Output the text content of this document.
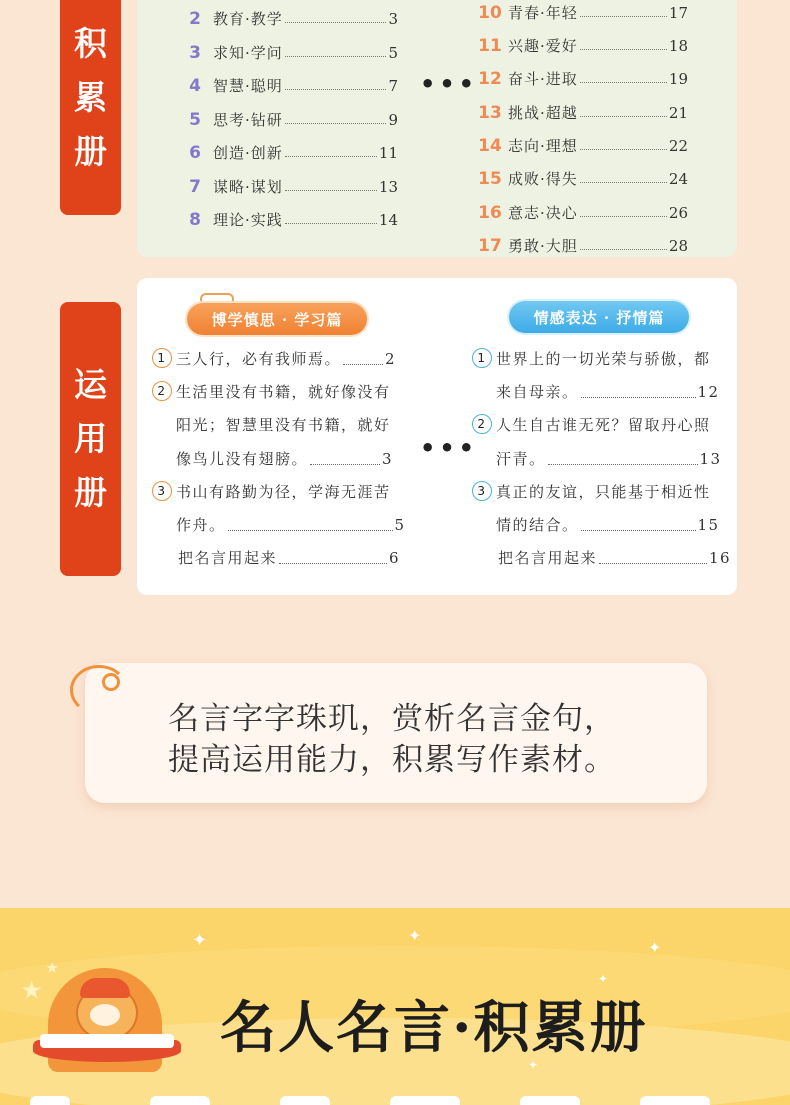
积
累
册
运
用
册
2 教育·教学	3
3 求知·学问	5
4 智慧·聪明	7
5 思考·钻研	9
6 创造·创新	11
7 谋略·谋划	13
8 理论·实践	14
•••
10 青春·年轻	17
11 兴趣·爱好	18
12 奋斗·进取	19
13 挑战·超越	21
14 志向·理想	22
15 成败·得失	24
16 意志·决心	26
17 勇敢·大胆	28
博学慎思 · 学习篇	情感表达 · 抒情篇
1 三人行，必有我师焉。	2
2 生活里没有书籍，就好像没有
阳光；智慧里没有书籍，就好
像鸟儿没有翅膀。	3
3 书山有路勤为径，学海无涯苦
作舟。	5
把名言用起来	6
•••
1 世界上的一切光荣与骄傲，都
来自母亲。	12
2 人生自古谁无死？留取丹心照
汗青。	13
3 真正的友谊，只能基于相近性
情的结合。	15
把名言用起来	16
名言字字珠玑，赏析名言金句，
提高运用能力，积累写作素材。
名人名言·积累册
✦	✦
✦
✦
✦
★
★
